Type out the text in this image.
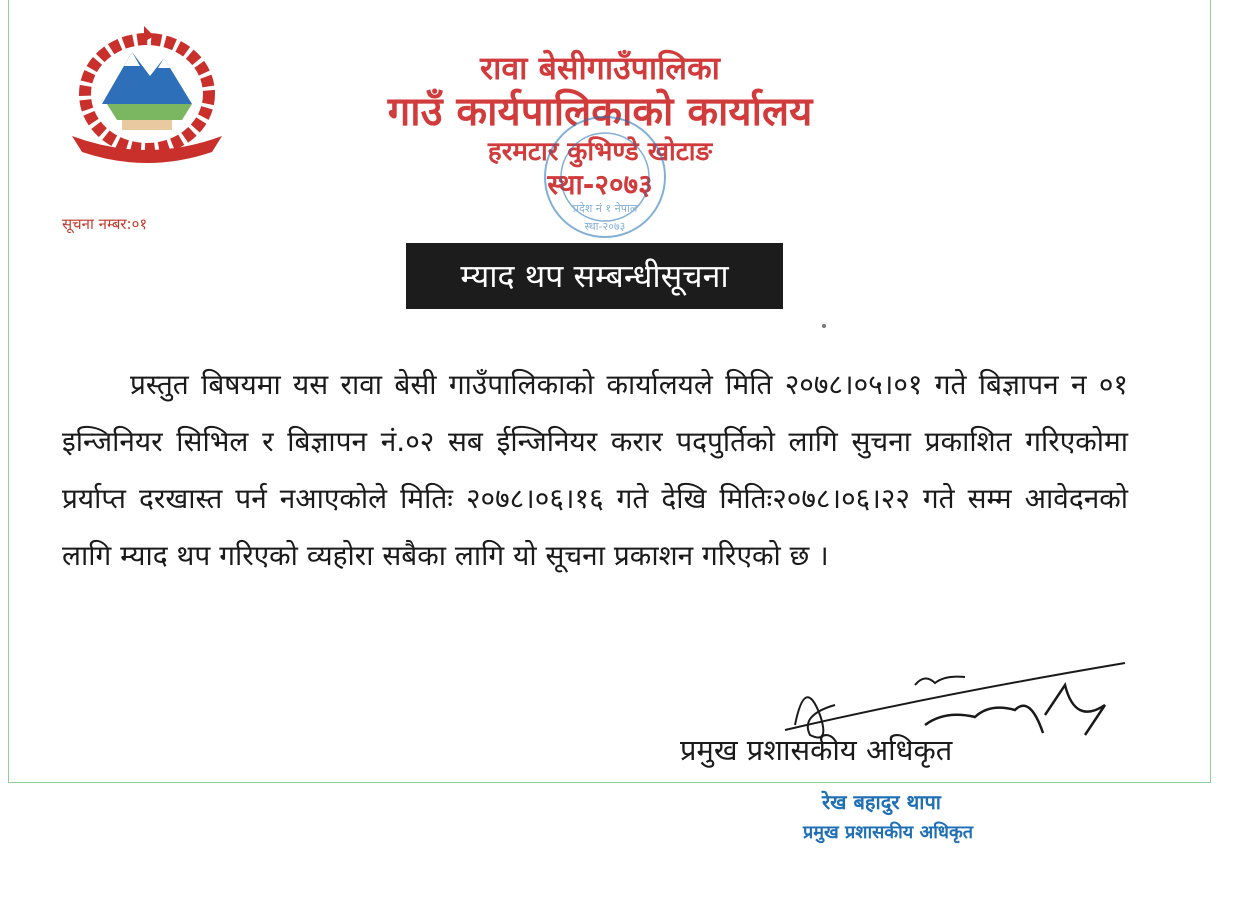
रावा बेसीगाउँपालिका

गाउँ कार्यपालिकाको कार्यालय

हरमटार कुभिण्डे खोटाङ

स्था-२०७३

प्रदेश नं १ नेपाल
स्था-२०७३
सूचना नम्बर:०१
म्याद थप सम्बन्धीसूचना
प्रस्तुत बिषयमा यस रावा बेसी गाउँपालिकाको कार्यालयले मिति २०७८।०५।०१ गते बिज्ञापन न ०१ इन्जिनियर सिभिल र बिज्ञापन नं.०२ सब ईन्जिनियर करार पदपुर्तिको लागि सुचना प्रकाशित गरिएकोमा प्रर्याप्त दरखास्त पर्न नआएकोले मितिः २०७८।०६।१६ गते देखि मितिः२०७८।०६।२२ गते सम्म आवेदनको लागि म्याद थप गरिएको व्यहोरा सबैका लागि यो सूचना प्रकाशन गरिएको छ ।
प्रमुख प्रशासकीय अधिकृत
रेख बहादुर थापा
प्रमुख प्रशासकीय अधिकृत
